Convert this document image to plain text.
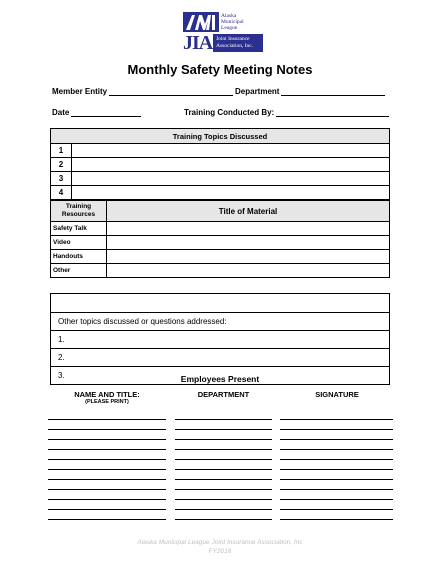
Alaska
Municipal
League
JIA Joint Insurance
Association, Inc.
Monthly Safety Meeting Notes
Member Entity	Department
Date	Training Conducted By:
Training Topics Discussed	
1	
2	
3	
4	
Training
Resources	Title of Material
Safety Talk	
Video	
Handouts	
Other	

Other topics discussed or questions addressed:
1.
2.
3.	Employees Present
NAME AND TITLE:
(PLEASE PRINT)
DEPARTMENT	SIGNATURE
Alaska Municipal League Joint Insurance Association, Inc
FY2016
